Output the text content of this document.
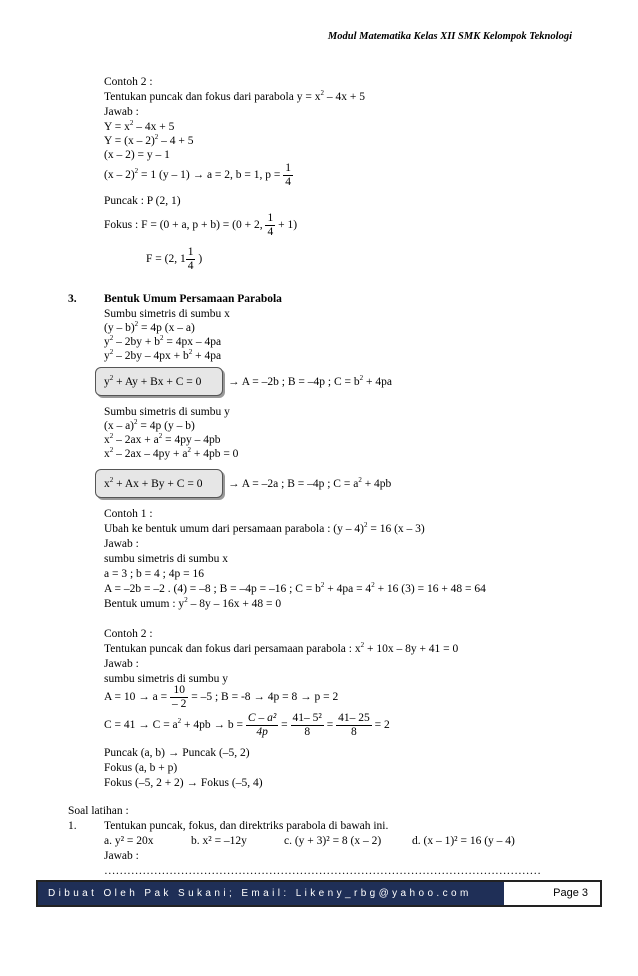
Modul Matematika Kelas XII SMK Kelompok Teknologi
Contoh 2 :
Tentukan puncak dan fokus dari parabola $y = x^2 - 4x + 5$
Jawab :
$Y = x^2 - 4x + 5$
Y = (x – 2)$^2$ – 4 + 5
(x – 2) = y – 1
(x – 2)$^2$ = 1 (y – 1) → a = 2, b = 1, $p = \frac{1}{4}$
Puncak : P (2, 1)
Fokus : F = (0 + a, p + b) = (0 + 2, $\frac{1}{4} + 1$)
F = (2, $1 \frac{1}{4}$ )
3. Bentuk Umum Persamaan Parabola
Sumbu simetris di sumbu x
(y – b)$^2$ = 4p (x – a)
$y^2 - 2by + b^2 = 4px - 4pa$
$y^2 - 2by - 4px + b^2 + 4pa$
$y^2 + Ay + Bx + C = 0 \to A = -2b$ ; B = –4p ; $C = b^2 + 4pa$
Sumbu simetris di sumbu y
(x – a)$^2$ = 4p (y – b)
$x^2 - 2ax + a^2 = 4py - 4pb$
$x^2 - 2ax - 4py + a^2 + 4pb = 0$
$x^2 + Ax + By + C = 0 \to A = -2a$ ; B = –4p ; $C = a^2 + 4pb$
Contoh 1 :
Ubah ke bentuk umum dari persamaan parabola : (y – 4)$^2$ = 16 (x – 3)
Jawab :
sumbu simetris di sumbu x
a = 3 ; b = 4 ; 4p = 16
A = –2b = –2 . (4) = –8 ; B = –4p = –16 ; $C = b^2 + 4pa = 4^2 + 16$ (3) = 16 + 48 = 64
Bentuk umum : $y^2 - 8y - 16x + 48 = 0$
Contoh 2 :
Tentukan puncak dan fokus dari persamaan parabola : $x^2 + 10x - 8y + 41 = 0$
Jawab :
sumbu simetris di sumbu y
$A = 10 \to a = \frac{10}{- 2} = -5$ ; B = -8 → 4p = 8 → p = 2
$C = 41 \to C = a^2 + 4pb \to b = \frac{\text{C – a²}}{4p} = \frac{\text{41– 5²}}{8} = \frac{41- 25}{8} = 2$
Puncak (a, b) → Puncak (–5, 2)
Fokus (a, b + p)
Fokus (–5, 2 + 2) → Fokus (–5, 4)
Soal latihan :
1. Tentukan puncak, fokus, dan direktriks parabola di bawah ini.
a. y² = 20x	b. x² = –12y	c. (y + 3)² = 8 (x – 2)	d. (x – 1)² = 16 (y – 4)
Jawab :
……………………………………………………………………………………………………
Dibuat Oleh Pak Sukani; Email: Likeny_rbg@yahoo.com	Page 3
